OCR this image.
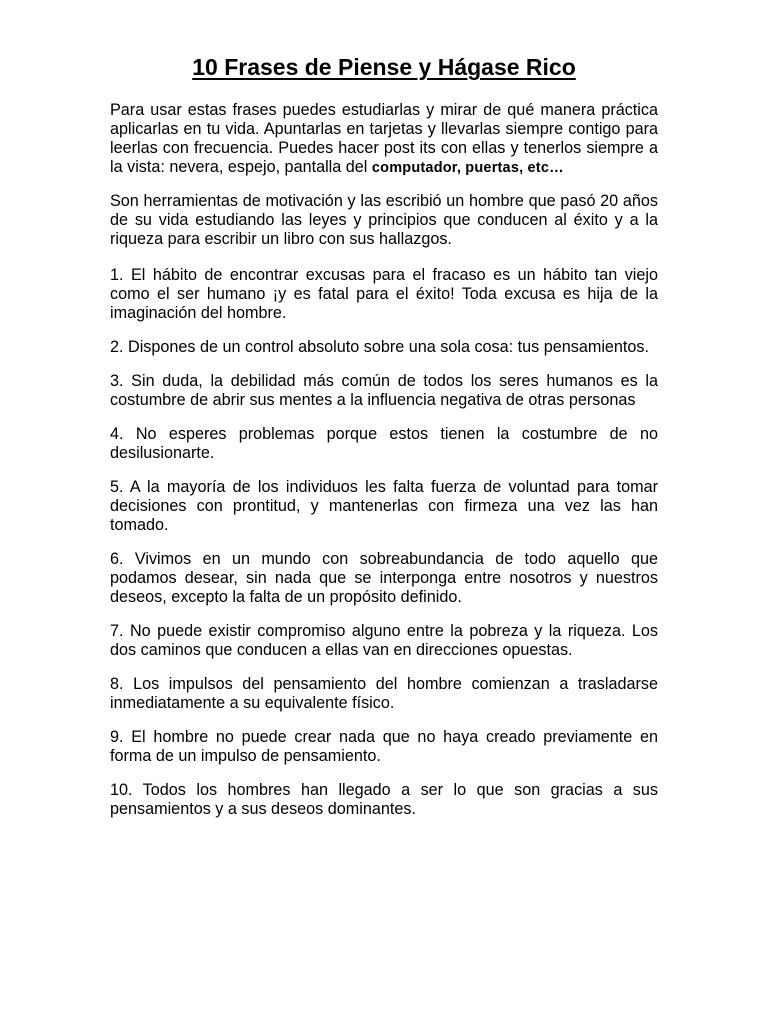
10 Frases de Piense y Hágase Rico

Para usar estas frases puedes estudiarlas y mirar de qué manera práctica aplicarlas en tu vida. Apuntarlas en tarjetas y llevarlas siempre contigo para leerlas con frecuencia. Puedes hacer post its con ellas y tenerlos siempre a la vista: nevera, espejo, pantalla del computador, puertas, etc…

Son herramientas de motivación y las escribió un hombre que pasó 20 años de su vida estudiando las leyes y principios que conducen al éxito y a la riqueza para escribir un libro con sus hallazgos.

1. El hábito de encontrar excusas para el fracaso es un hábito tan viejo como el ser humano ¡y es fatal para el éxito! Toda excusa es hija de la imaginación del hombre.

2. Dispones de un control absoluto sobre una sola cosa: tus pensamientos.

3. Sin duda, la debilidad más común de todos los seres humanos es la costumbre de abrir sus mentes a la influencia negativa de otras personas

4. No esperes problemas porque estos tienen la costumbre de no desilusionarte.

5. A la mayoría de los individuos les falta fuerza de voluntad para tomar decisiones con prontitud, y mantenerlas con firmeza una vez las han tomado.

6. Vivimos en un mundo con sobreabundancia de todo aquello que podamos desear, sin nada que se interponga entre nosotros y nuestros deseos, excepto la falta de un propósito definido.

7. No puede existir compromiso alguno entre la pobreza y la riqueza. Los dos caminos que conducen a ellas van en direcciones opuestas.

8. Los impulsos del pensamiento del hombre comienzan a trasladarse inmediatamente a su equivalente físico.

9. El hombre no puede crear nada que no haya creado previamente en forma de un impulso de pensamiento.

10. Todos los hombres han llegado a ser lo que son gracias a sus pensamientos y a sus deseos dominantes.
